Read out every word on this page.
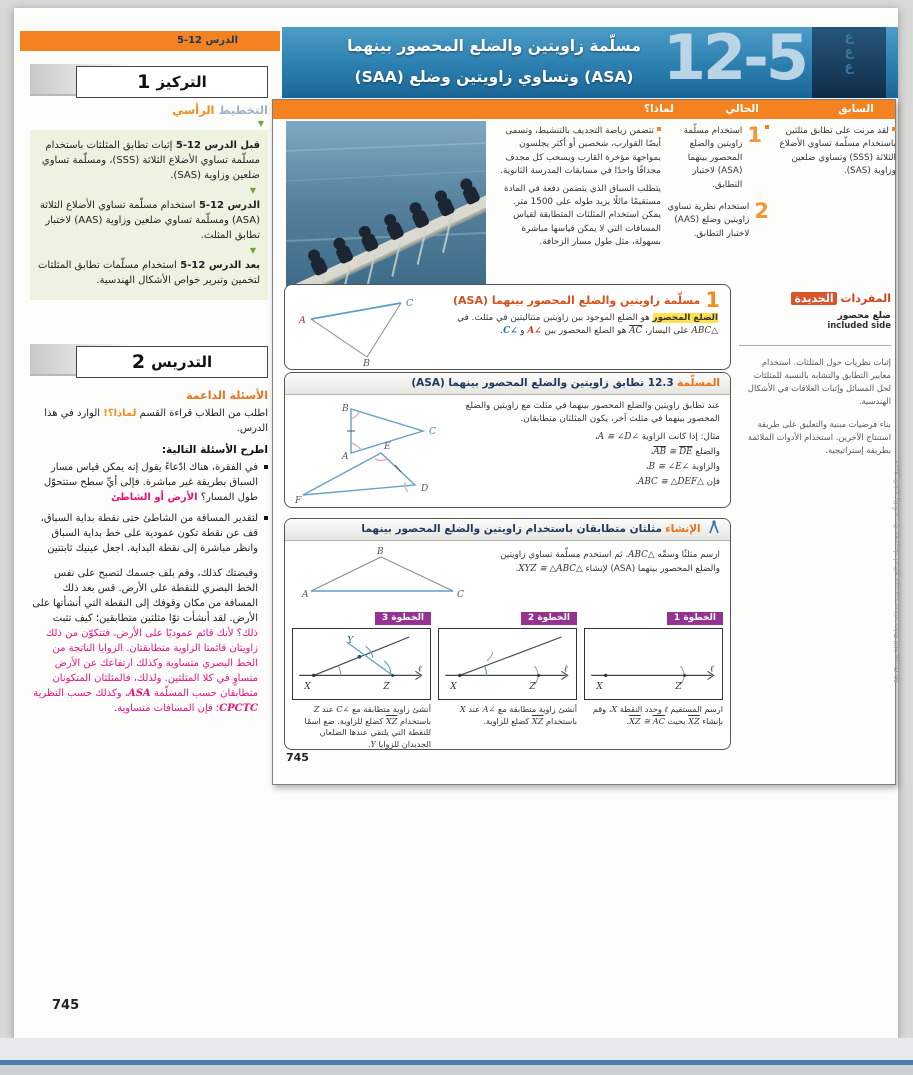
الدرس 12-5	مسلّمة زاويتين والضلع المحصور بينهما
(ASA) وتساوي زاويتين وضلع (SAA) 12-5	ع
ع
ع
السابق
الحالي
لماذا؟

تتضمن رياضة التجديف بالتنشيط، وتسمى أيضًا القوارب، شخصين أو أكثر يجلسون بمواجهة مؤخرة القارب ويسحب كل مجدف مجدافًا واحدًا في مسابقات المدرسة الثانوية.

يتطلب السباق الذي يتضمن دفعة في المادة مستقيمًا مائلًا يزيد طوله على 1500 متر. يمكن استخدام المثلثات المتطابقة لقياس المسافات التي لا يمكن قياسها مباشرة بسهولة، مثل طول مسار الزحافة.

1
استخدام مسلّمة زاويتين والضلع المحصور بينهما (ASA) لاختبار التطابق.
2
استخدام نظرية تساوي زاويتين وضلع (AAS) لاختبار التطابق.

لقد مرنت على تطابق مثلثين باستخدام مسلّمة تساوي الأضلاع الثلاثة (SSS) وتساوي ضلعين وزاوية (SAS).

1
مسلّمة زاويتين والضلع المحصور بينهما (ASA)
الضلع المحصور هو الضلع الموجود بين زاويتين متتاليتين في مثلث. في △ABC على اليسار، AC هو الضلع المحصور بين ∠A و ∠C.
A
C
B
المسلّمة 12.3 تطابق زاويتين والضلع المحصور بينهما (ASA)

عند تطابق زاويتين والضلع المحصور بينهما في مثلث مع زاويتين والضلع المحصور بينهما في مثلث آخر، يكون المثلثان متطابقان.

مثال: إذا كانت الزاوية ∠A ≅ ∠D،
والضلع AB ≅ DE،
والزاوية ∠B ≅ ∠E،
فإن △ABC ≅ △DEF.
B
A
C
E
F
D
الإنشاء مثلثان متطابقان باستخدام زاويتين والضلع المحصور بينهما
ارسم مثلثًا وسمِّه △ABC. ثم استخدم مسلّمة تساوي زاويتين والضلع المحصور بينهما (ASA) لإنشاء △XYZ ≅ △ABC.
A
B
C
الخطوة 1
X	Z
ℓ
ارسم المستقيم ℓ وحدد النقطة X، وقم بإنشاء XZ بحيث XZ ≅ AC.
الخطوة 2
X	Z
ℓ
أنشئ زاوية متطابقة مع ∠A عند X باستخدام XZ كضلع للزاوية.
الخطوة 3
X	Z
Y
ℓ
أنشئ زاوية متطابقة مع ∠C عند Z باستخدام XZ كضلع للزاوية. ضع اسمًا للنقطة التي يلتقي عندها الضلعان الجديدان للزوايا Y.
745
المفردات الجديدة
ضلع محصور
included side

إثبات نظريات حول المثلثات. استخدام معايير التطابق والتشابه بالنسبة للمثلثات لحل المسائل وإثبات العلاقات في الأشكال الهندسية.

بناء فرضيات مبنية والتعليق على طريقة استنتاج الآخرين. استخدام الأدوات الملائمة بطريقة إستراتيجية.

حقوق الطبع والتأليف © محفوظة لصالح مؤسسة McGraw-Hill Education
1 التركيز
التخطيط الرأسي
▼

قبل الدرس 12-5 إثبات تطابق المثلثات باستخدام مسلّمة تساوي الأضلاع الثلاثة (SSS)، ومسلّمة تساوي ضلعين وزاوية (SAS).

▼

الدرس 12-5 استخدام مسلّمة تساوي الأضلاع الثلاثة (ASA) ومسلّمة تساوي ضلعين وزاوية (AAS) لاختبار تطابق المثلث.

▼

بعد الدرس 12-5 استخدام مسلّمات تطابق المثلثات لتخمين وتبرير خواص الأشكال الهندسية.

2 التدريس
الأسئلة الداعمة
اطلب من الطلاب قراءة القسم لماذا؟! الوارد في هذا الدرس.
اطرح الأسئلة التالية:
في الفقرة، هناك ادّعاءً يقول إنه يمكن قياس مسار السباق بطريقة غير مباشرة. فإلى أيِّ سطح ستتحوّل طول المسار؟ الأرض أو الشاطئ
لتقدير المسافة من الشاطئ حتى نقطة بداية السباق، قف عن نقطة تكون عمودية على خط بداية السباق وانظر مباشرة إلى نقطة البداية. اجعل عينيك ثابتتين
وقبضتك كذلك، وقم بلف جسمك لتصبح على نفس الخط البصري للنقطة على الأرض. قس بعد ذلك المسافة من مكان وقوفك إلى النقطة التي أنشأتها على الأرض. لقد أنشأت توًا مثلثين متطابقين؛ كيف تثبت ذلك؟ لأنك قائم عموديًا على الأرض، فتتكوّن من ذلك زاويتان قائمتا الزاوية متطابقتان. الزوايا الناتجة من الخط البصري متساوية وكذلك ارتفاعك عن الأرض متساوٍ في كلا المثلثين. ولذلك، فالمثلثان المتكونان متطابقان حسب المسلّمة ASA، وكذلك حسب النظرية CPCTC؛ فإن المسافات متساوية.
745
